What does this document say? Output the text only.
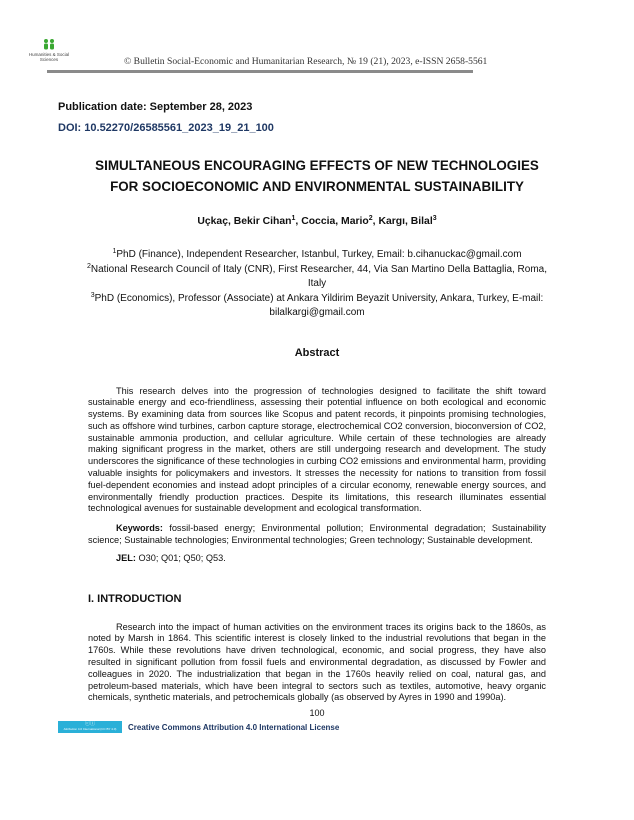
Humanities & Social Sciences	© Bulletin Social-Economic and Humanitarian Research, № 19 (21), 2023, e-ISSN 2658-5561
Publication date: September 28, 2023
DOI: 10.52270/26585561_2023_19_21_100
SIMULTANEOUS ENCOURAGING EFFECTS OF NEW TECHNOLOGIES
FOR SOCIOECONOMIC AND ENVIRONMENTAL SUSTAINABILITY
Uçkaç, Bekir Cihan$^1$, Coccia, Mario$^2$, Kargı, Bilal$^3$
$^1$PhD (Finance), Independent Researcher, Istanbul, Turkey, Email: b.cihanuckac@gmail.com
$^2$National Research Council of Italy (CNR), First Researcher, 44, Via San Martino Della Battaglia, Roma, Italy
$^3$PhD (Economics), Professor (Associate) at Ankara Yildirim Beyazit University, Ankara, Turkey, E-mail: bilalkargi@gmail.com
Abstract

This research delves into the progression of technologies designed to facilitate the shift toward sustainable energy and eco-friendliness, assessing their potential influence on both ecological and economic systems. By examining data from sources like Scopus and patent records, it pinpoints promising technologies, such as offshore wind turbines, carbon capture storage, electrochemical CO2 conversion, bioconversion of CO2, sustainable ammonia production, and cellular agriculture. While certain of these technologies are already making significant progress in the market, others are still undergoing research and development. The study underscores the significance of these technologies in curbing CO2 emissions and environmental harm, providing valuable insights for policymakers and investors. It stresses the necessity for nations to transition from fossil fuel-dependent economies and instead adopt principles of a circular economy, renewable energy sources, and environmentally friendly production practices. Despite its limitations, this research illuminates essential technological avenues for sustainable development and ecological transformation.

Keywords: fossil-based energy; Environmental pollution; Environmental degradation; Sustainability science; Sustainable technologies; Environmental technologies; Green technology; Sustainable development.

JEL: O30; Q01; Q50; Q53.

I. INTRODUCTION

Research into the impact of human activities on the environment traces its origins back to the 1860s, as noted by Marsh in 1864. This scientific interest is closely linked to the industrial revolutions that began in the 1760s. While these revolutions have driven technological, economic, and social progress, they have also resulted in significant pollution from fossil fuels and environmental degradation, as discussed by Fowler and colleagues in 2020. The industrialization that began in the 1760s heavily relied on coal, natural gas, and petroleum-based materials, which have been integral to sectors such as textiles, automotive, heavy organic chemicals, synthetic materials, and petrochemicals globally (as observed by Ayres in 1990 and 1990a).

100
ⓒⓘ
Attribution 4.0 International (CC BY 4.0)	Creative Commons Attribution 4.0 International License
